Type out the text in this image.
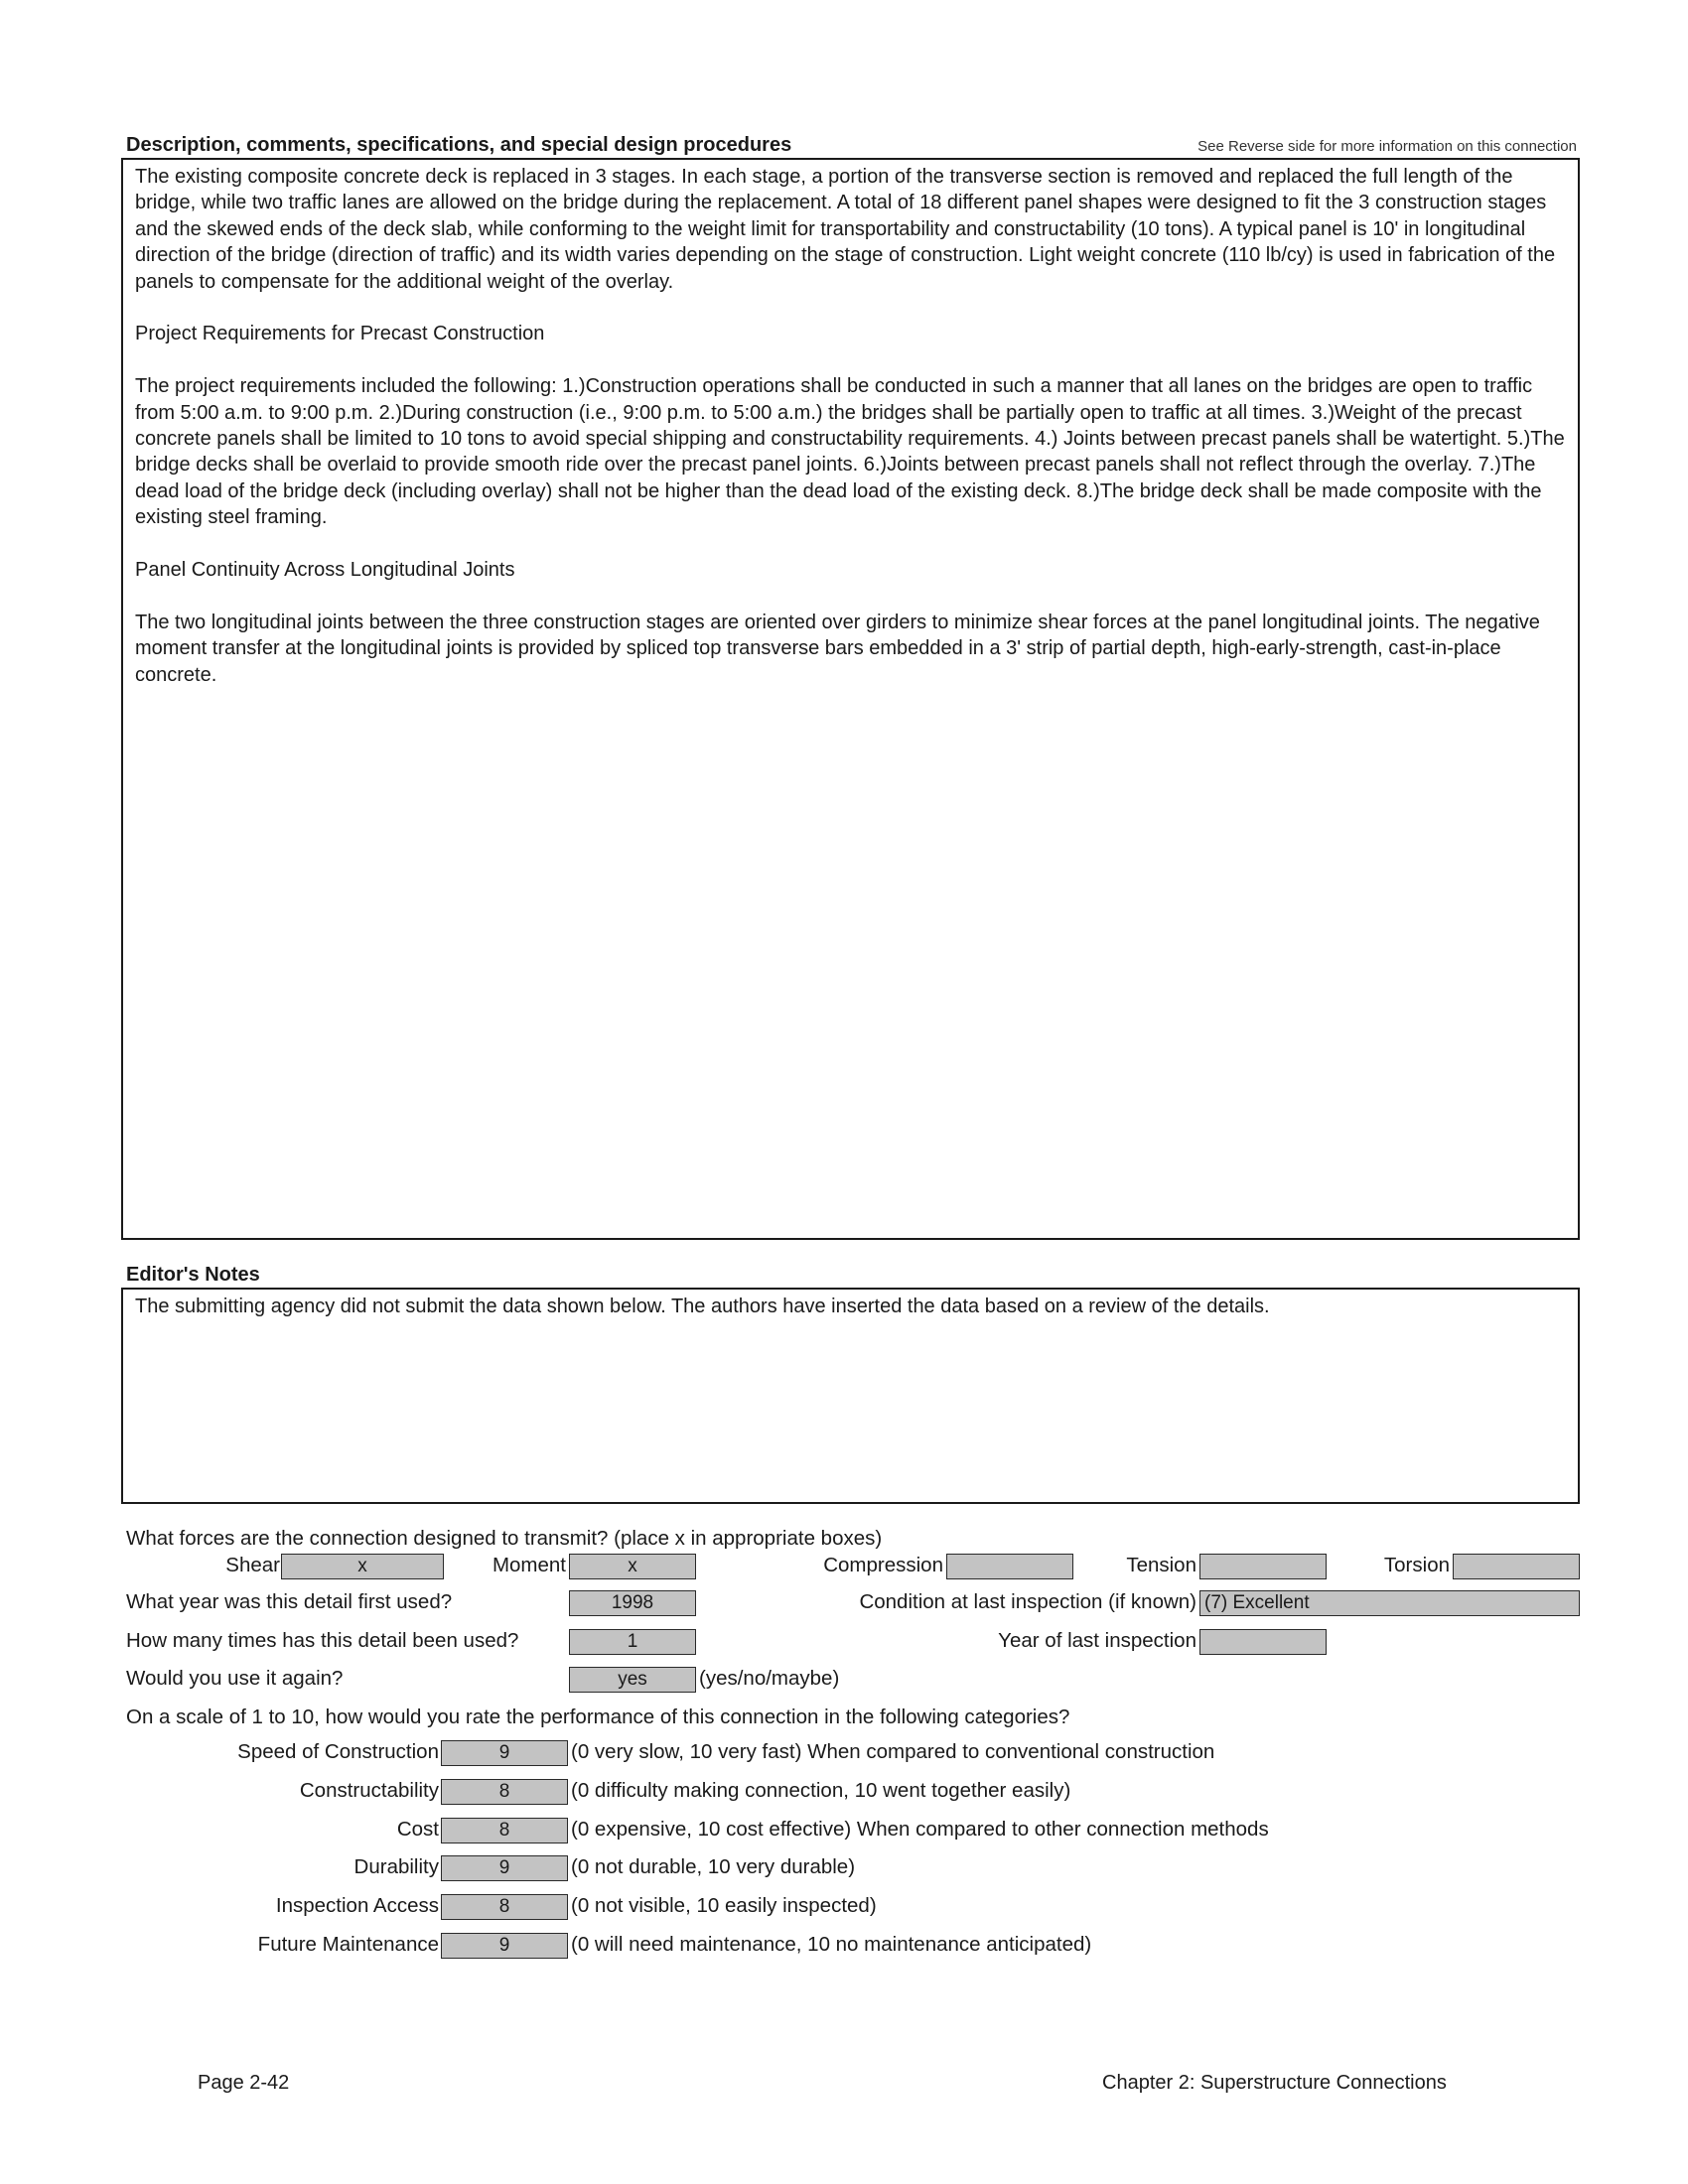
Description, comments, specifications, and special design procedures	See Reverse side for more information on this connection

The existing composite concrete deck is replaced in 3 stages. In each stage, a portion of the transverse section is removed and replaced the full length of the bridge, while two traffic lanes are allowed on the bridge during the replacement. A total of 18 different panel shapes were designed to fit the 3 construction stages and the skewed ends of the deck slab, while conforming to the weight limit for transportability and constructability (10 tons). A typical panel is 10' in longitudinal direction of the bridge (direction of traffic) and its width varies depending on the stage of construction. Light weight concrete (110 lb/cy) is used in fabrication of the panels to compensate for the additional weight of the overlay.

Project Requirements for Precast Construction

The project requirements included the following: 1.)Construction operations shall be conducted in such a manner that all lanes on the bridges are open to traffic from 5:00 a.m. to 9:00 p.m. 2.)During construction (i.e., 9:00 p.m. to 5:00 a.m.) the bridges shall be partially open to traffic at all times. 3.)Weight of the precast concrete panels shall be limited to 10 tons to avoid special shipping and constructability requirements. 4.) Joints between precast panels shall be watertight. 5.)The bridge decks shall be overlaid to provide smooth ride over the precast panel joints. 6.)Joints between precast panels shall not reflect through the overlay. 7.)The dead load of the bridge deck (including overlay) shall not be higher than the dead load of the existing deck. 8.)The bridge deck shall be made composite with the existing steel framing.

Panel Continuity Across Longitudinal Joints

The two longitudinal joints between the three construction stages are oriented over girders to minimize shear forces at the panel longitudinal joints. The negative moment transfer at the longitudinal joints is provided by spliced top transverse bars embedded in a 3' strip of partial depth, high-early-strength, cast-in-place concrete.

Editor's Notes
The submitting agency did not submit the data shown below. The authors have inserted the data based on a review of the details.
What forces are the connection designed to transmit? (place x in appropriate boxes)
Shear	x	Moment	x	Compression	Tension	Torsion
What year was this detail first used?	1998	Condition at last inspection (if known) (7) Excellent
How many times has this detail been used?	1	Year of last inspection
Would you use it again?	yes	(yes/no/maybe)
On a scale of 1 to 10, how would you rate the performance of this connection in the following categories?
Speed of Construction	9	(0 very slow, 10 very fast) When compared to conventional construction
Constructability	8	(0 difficulty making connection, 10 went together easily)
Cost	8	(0 expensive, 10 cost effective) When compared to other connection methods
Durability	9	(0 not durable, 10 very durable)
Inspection Access	8	(0 not visible, 10 easily inspected)
Future Maintenance	9	(0 will need maintenance, 10 no maintenance anticipated)
Page 2-42	Chapter 2: Superstructure Connections
